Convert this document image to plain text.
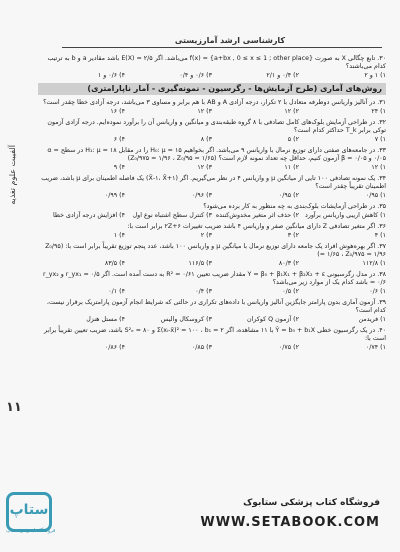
کارشناسی ارشد آمارزیستی
آلفیبت علوم تغذیه
۱۱
۳۰. تابع چگالی X به صورت f(x) = {a+bx , 0 ≤ x ≤ 1 ; other place} می‌باشد. اگر E(X) = ۲/۵ باشد مقادیر a و b به ترتیب کدام می‌باشند؟
۱) ۱ و ۲
۲) ۰/۴ و ۲/۱
۳) ۰/۶ و ۰/۴
۴) ۰/۶ و ۱
روش‌های آماری (طرح آزمایش‌ها - رگرسیون - نمونه‌گیری - آمار ناپارامتری)
۳۱. در آنالیز واریانس دوطرفه متعادل با ۲ تکرار، درجه آزادی A و AB با هم برابر و مساوی ۳ می‌باشد، درجه آزادی خطا چقدر است؟
۱) ۲۴
۲) ۱۲
۳) ۱۲
۴) ۱۶
۳۲. در طراحی آزمایش بلوک‌های کامل تصادفی با ۸ گروه طبقه‌بندی و میانگین و واریانس آن را برآورد نموده‌ایم. درجه آزادی آزمون توکی برابر T_k حداکثر کدام است؟
۱) ۷
۲) ۵
۳) ۸
۴) ۶
۳۳. در جامعه‌های صفتی دارای توزیع نرمال با واریانس ۹ می‌باشد. اگر بخواهیم H₀: μ = ۱۵ را در مقابل H₁: μ = ۱۸ در سطح α = ۰/۰۵ و β = ۰/۰۵ آزمون کنیم، حداقل چه تعداد نمونه لازم است؟ (Z₀/۹۷۵ = ۱/۹۶ ، Z₀/۹۵ = ۱/۶۵)
۱) ۱۲
۲) ۱۱
۳) ۱۲
۴) ۹
۳۴. یک نمونه تصادفی ۱۰۰ تایی از میانگین μ و واریانس ۴ در نظر می‌گیریم. اگر (X̄-۱، X̄+۱) یک فاصله اطمینان برای μ باشد، ضریب اطمینان تقریباً چقدر است؟
۱) ۰/۹۵
۲) ۰/۹۵
۳) ۰/۹۶
۴) ۰/۹۹
۳۵. در طراحی آزمایشات بلوک‌بندی به چه منظور به کار برده می‌شود؟
۱) کاهش اریبی واریانس برآورد
۲) حذف اثر متغیر مخدوش‌کننده
۳) کنترل سطح اشتباه نوع اول
۴) افزایش درجه آزادی خطا
۳۶. اگر متغیر تصادفی Z دارای میانگین صفر و واریانس ۴ باشد ضریب تغییرات ۶+۲Z برابر است با:
۱) ۴
۲) ۳
۳) ۲
۴) ۱
۳۷. اگر بهره‌هوش افراد یک جامعه دارای توزیع نرمال با میانگین μ و واریانس ۱۰۰ باشد، عدد پنجم توزیع تقریباً برابر است با: (Z₀/۹۵ = ۱/۶۵ ، Z₀/۹۷۵ = ۱/۹۶)
۱) ۱۱۲/۸
۲) ۸۰/۳
۳) ۱۱۶/۵
۴) ۸۳/۵
۳۸. در مدل رگرسیونی Y = β₀ + β₁X₁ + β₂X₂ + ε مقدار ضریب تعیین R² = ۰/۶۱ به دست آمده است. اگر r_yx₁ = ۰/۵ و r_yx₂ = ۰/۶ باشد کدام یک از موارد زیر می‌باشد؟
۱) ۰/۶
۲) ۰/۵
۳) ۰/۴
۴) ۰/۱
۳۹. آزمون آماری بدون پارامتر جایگزین آنالیز واریانس با داده‌های تکراری در حالتی که شرایط انجام آزمون پارامتریک برقرار نیست، کدام است؟
۱) فریدمن
۲) آزمون Q کوکران
۳) کروسکال والیس
۴) مستل هنزل
۴۰. در یک رگرسیون خطی Ŷ = b₀ + b₁X با ۱۱ مشاهده، اگر Σ(xᵢ-x̄)² = ۱۰۰ ، b₁ = ۲ و S²ₑ = ۸۰ باشد، ضریب تعیین تقریباً برابر است با:
۱) ۰/۷۴
۲) ۰/۷۵
۳) ۰/۸۵
۴) ۰/۸۶
ستاپ
فروشگاه اینترنتی ستاپ
فروشگاه کتاب پزشکی ستابوک
WWW.SETABOOK.COM
